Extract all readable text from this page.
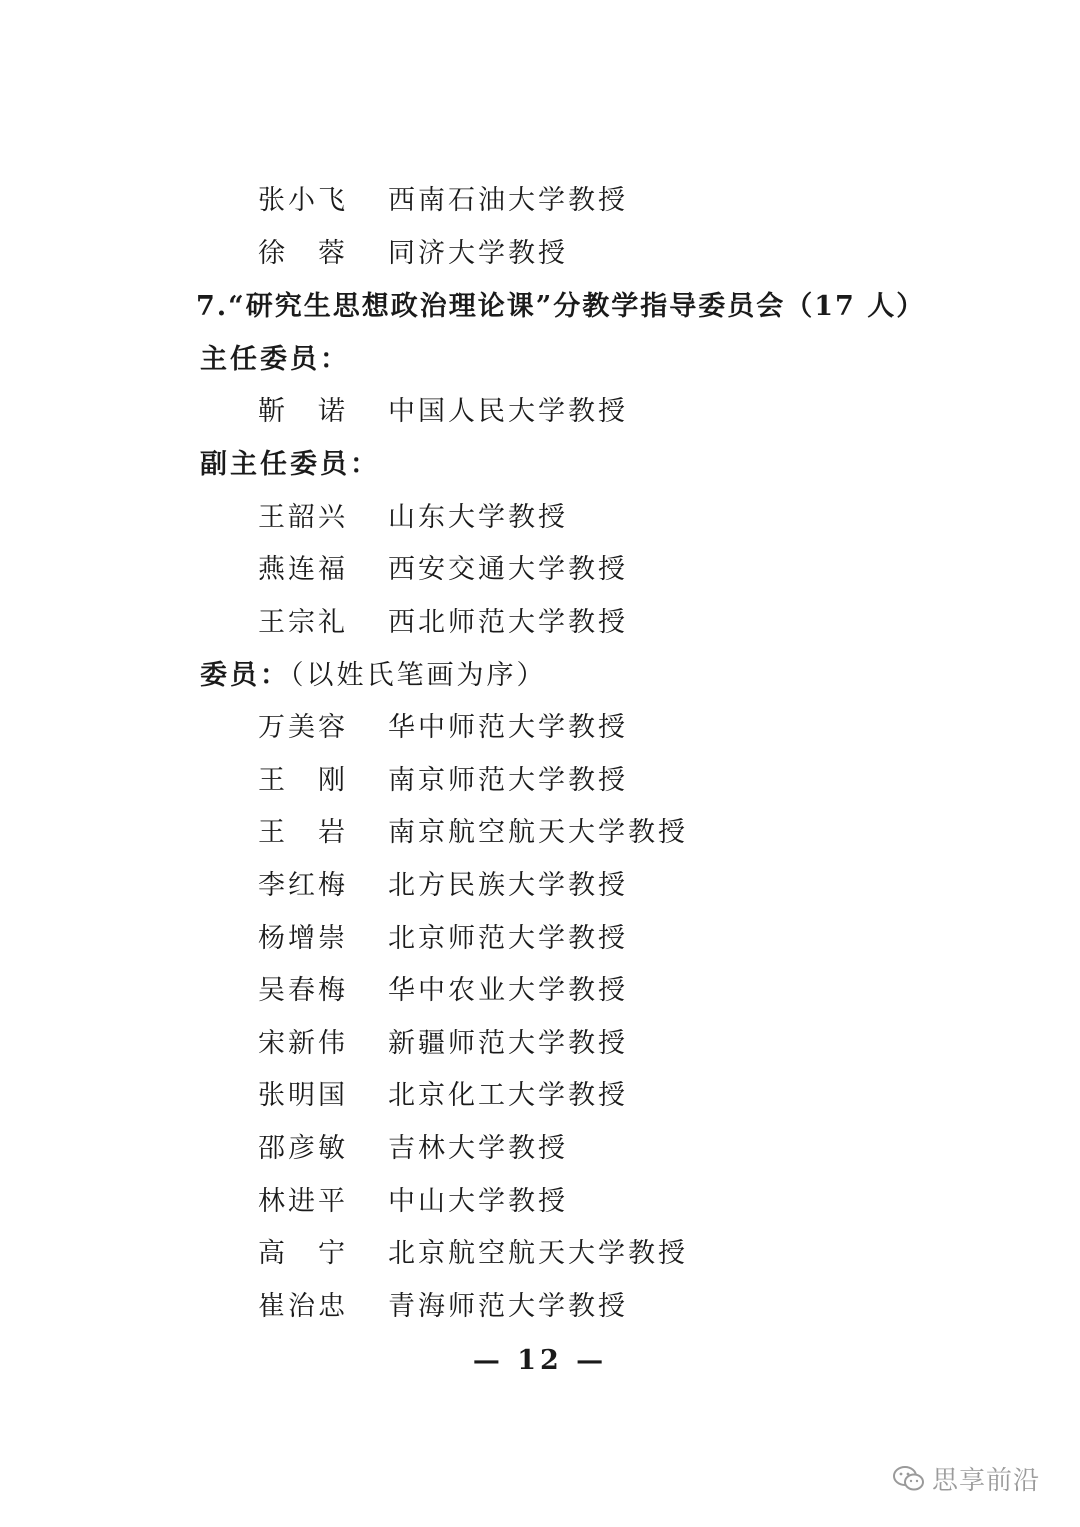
张小飞	西南石油大学教授
徐　蓉	同济大学教授
7.“研究生思想政治理论课”分教学指导委员会（17 人）
主任委员：
靳　诺	中国人民大学教授
副主任委员：
王韶兴	山东大学教授
燕连福	西安交通大学教授
王宗礼	西北师范大学教授
委员：（以姓氏笔画为序）
万美容	华中师范大学教授
王　刚	南京师范大学教授
王　岩	南京航空航天大学教授
李红梅	北方民族大学教授
杨增崇	北京师范大学教授
吴春梅	华中农业大学教授
宋新伟	新疆师范大学教授
张明国	北京化工大学教授
邵彦敏	吉林大学教授
林进平	中山大学教授
高　宁	北京航空航天大学教授
崔治忠	青海师范大学教授
— 12 —
思享前沿
